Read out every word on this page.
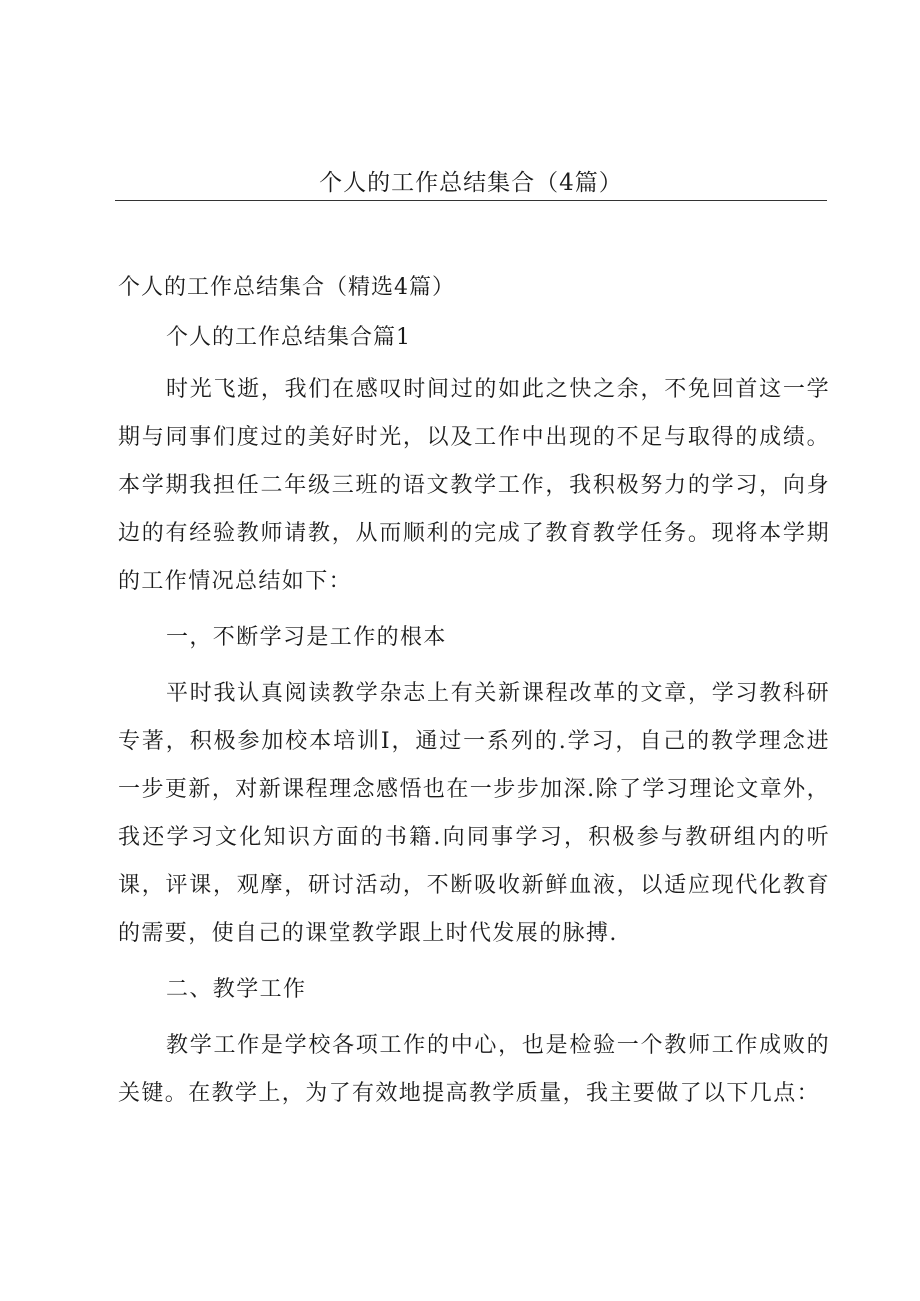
个人的工作总结集合（4篇）

个人的工作总结集合（精选4篇）

个人的工作总结集合篇1

时光飞逝，我们在感叹时间过的如此之快之余，不免回首这一学期与同事们度过的美好时光，以及工作中出现的不足与取得的成绩。本学期我担任二年级三班的语文教学工作，我积极努力的学习，向身边的有经验教师请教，从而顺利的完成了教育教学任务。现将本学期的工作情况总结如下：

一，不断学习是工作的根本

平时我认真阅读教学杂志上有关新课程改革的文章，学习教科研专著，积极参加校本培训I，通过一系列的.学习，自己的教学理念进一步更新，对新课程理念感悟也在一步步加深.除了学习理论文章外，我还学习文化知识方面的书籍.向同事学习，积极参与教研组内的听课，评课，观摩，研讨活动，不断吸收新鲜血液，以适应现代化教育的需要，使自己的课堂教学跟上时代发展的脉搏.

二、教学工作

教学工作是学校各项工作的中心，也是检验一个教师工作成败的关键。在教学上，为了有效地提高教学质量，我主要做了以下几点：
